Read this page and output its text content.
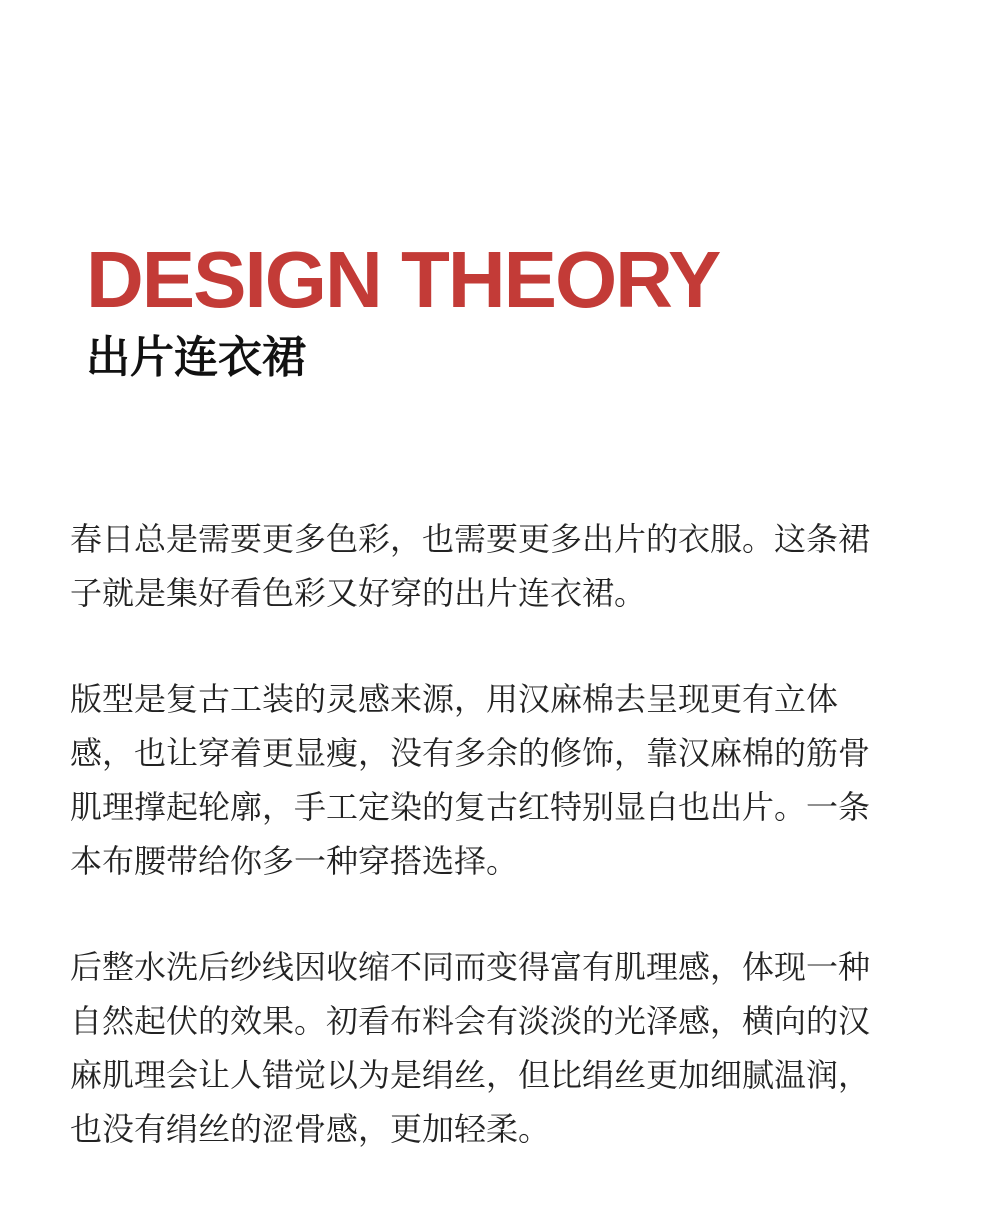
DESIGN THEORY
出片连衣裙

春日总是需要更多色彩，也需要更多出片的衣服。这条裙
子就是集好看色彩又好穿的出片连衣裙。

版型是复古工装的灵感来源，用汉麻棉去呈现更有立体
感，也让穿着更显瘦，没有多余的修饰，靠汉麻棉的筋骨
肌理撑起轮廓，手工定染的复古红特别显白也出片。一条
本布腰带给你多一种穿搭选择。

后整水洗后纱线因收缩不同而变得富有肌理感，体现一种
自然起伏的效果。初看布料会有淡淡的光泽感，横向的汉
麻肌理会让人错觉以为是绢丝，但比绢丝更加细腻温润，
也没有绢丝的涩骨感，更加轻柔。
